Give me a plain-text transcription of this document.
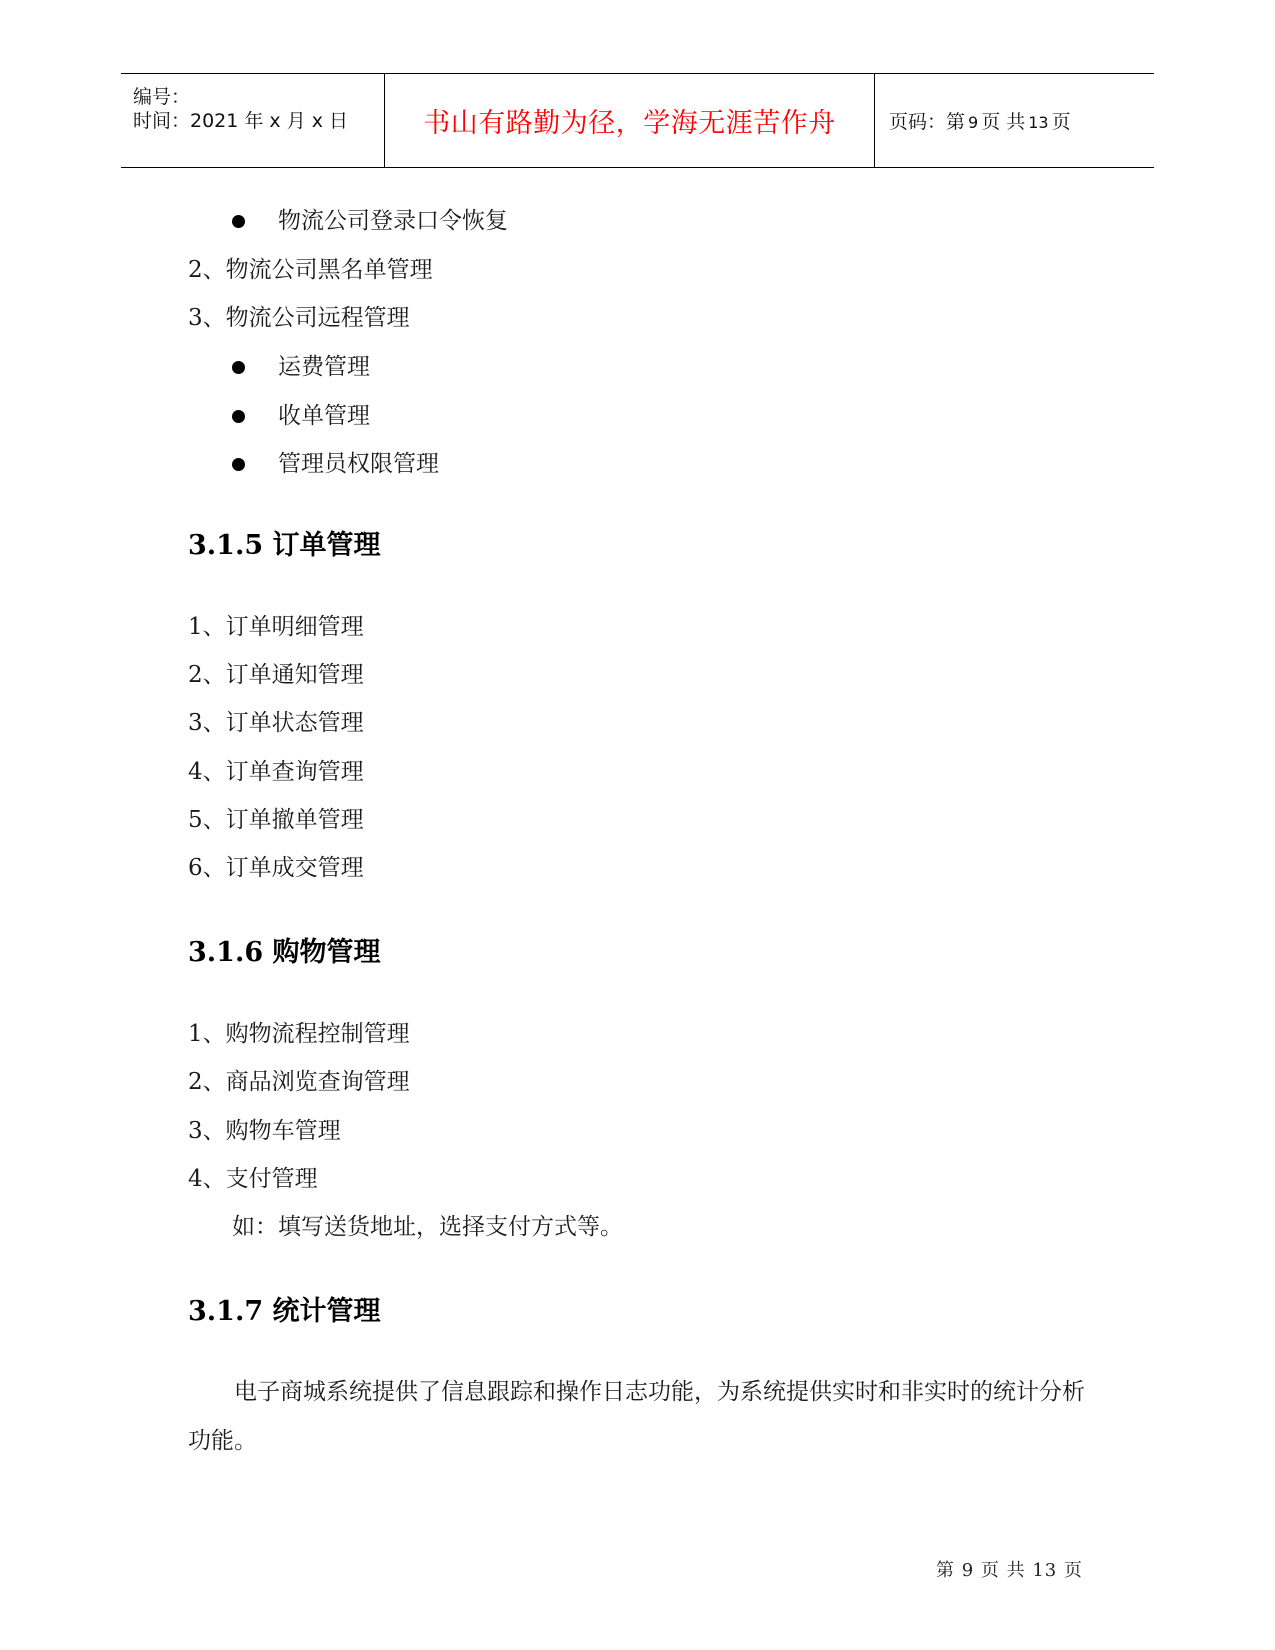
编号：
时间：2021 年 x 月 x 日	书山有路勤为径，学海无涯苦作舟	页码：第 9 页 共 13 页
物流公司登录口令恢复
2、物流公司黑名单管理
3、物流公司远程管理
运费管理
收单管理
管理员权限管理
3.1.5 订单管理
1、订单明细管理
2、订单通知管理
3、订单状态管理
4、订单查询管理
5、订单撤单管理
6、订单成交管理
3.1.6 购物管理
1、购物流程控制管理
2、商品浏览查询管理
3、购物车管理
4、支付管理
如：填写送货地址，选择支付方式等。
3.1.7 统计管理
电子商城系统提供了信息跟踪和操作日志功能，为系统提供实时和非实时的统计分析功能。
第 9 页 共 13 页
